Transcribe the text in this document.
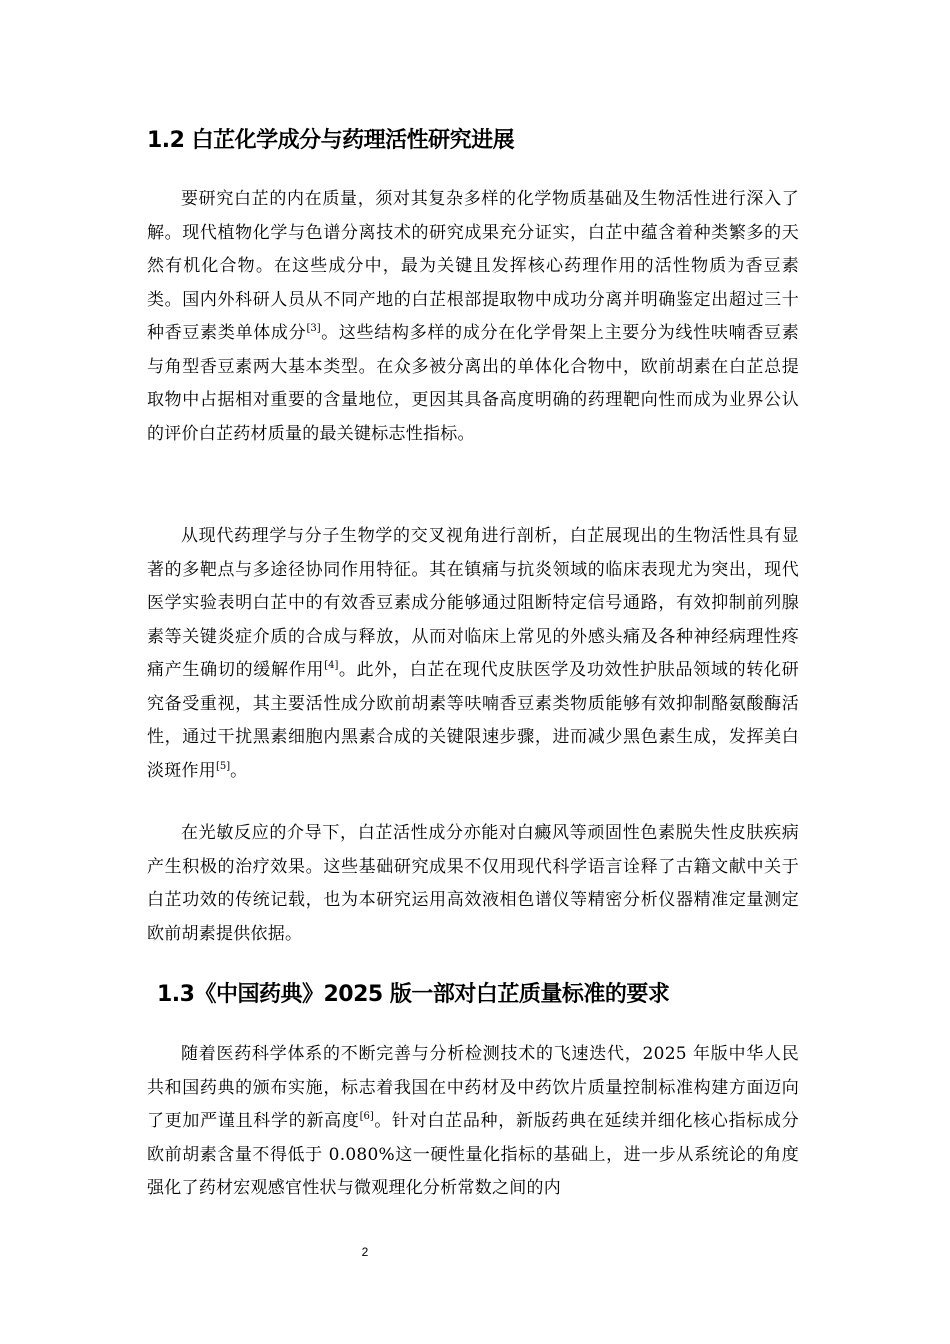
1.2 白芷化学成分与药理活性研究进展

要研究白芷的内在质量，须对其复杂多样的化学物质基础及生物活性进行深入了解。现代植物化学与色谱分离技术的研究成果充分证实，白芷中蕴含着种类繁多的天然有机化合物。在这些成分中，最为关键且发挥核心药理作用的活性物质为香豆素类。国内外科研人员从不同产地的白芷根部提取物中成功分离并明确鉴定出超过三十种香豆素类单体成分[3]。这些结构多样的成分在化学骨架上主要分为线性呋喃香豆素与角型香豆素两大基本类型。在众多被分离出的单体化合物中，欧前胡素在白芷总提取物中占据相对重要的含量地位，更因其具备高度明确的药理靶向性而成为业界公认的评价白芷药材质量的最关键标志性指标。

从现代药理学与分子生物学的交叉视角进行剖析，白芷展现出的生物活性具有显著的多靶点与多途径协同作用特征。其在镇痛与抗炎领域的临床表现尤为突出，现代医学实验表明白芷中的有效香豆素成分能够通过阻断特定信号通路，有效抑制前列腺素等关键炎症介质的合成与释放，从而对临床上常见的外感头痛及各种神经病理性疼痛产生确切的缓解作用[4]。此外，白芷在现代皮肤医学及功效性护肤品领域的转化研究备受重视，其主要活性成分欧前胡素等呋喃香豆素类物质能够有效抑制酪氨酸酶活性，通过干扰黑素细胞内黑素合成的关键限速步骤，进而减少黑色素生成，发挥美白淡斑作用[5]。

在光敏反应的介导下，白芷活性成分亦能对白癜风等顽固性色素脱失性皮肤疾病产生积极的治疗效果。这些基础研究成果不仅用现代科学语言诠释了古籍文献中关于白芷功效的传统记载，也为本研究运用高效液相色谱仪等精密分析仪器精准定量测定欧前胡素提供依据。

1.3《中国药典》2025 版一部对白芷质量标准的要求

随着医药科学体系的不断完善与分析检测技术的飞速迭代，2025 年版中华人民共和国药典的颁布实施，标志着我国在中药材及中药饮片质量控制标准构建方面迈向了更加严谨且科学的新高度[6]。针对白芷品种，新版药典在延续并细化核心指标成分欧前胡素含量不得低于 0.080%这一硬性量化指标的基础上，进一步从系统论的角度强化了药材宏观感官性状与微观理化分析常数之间的内

2
